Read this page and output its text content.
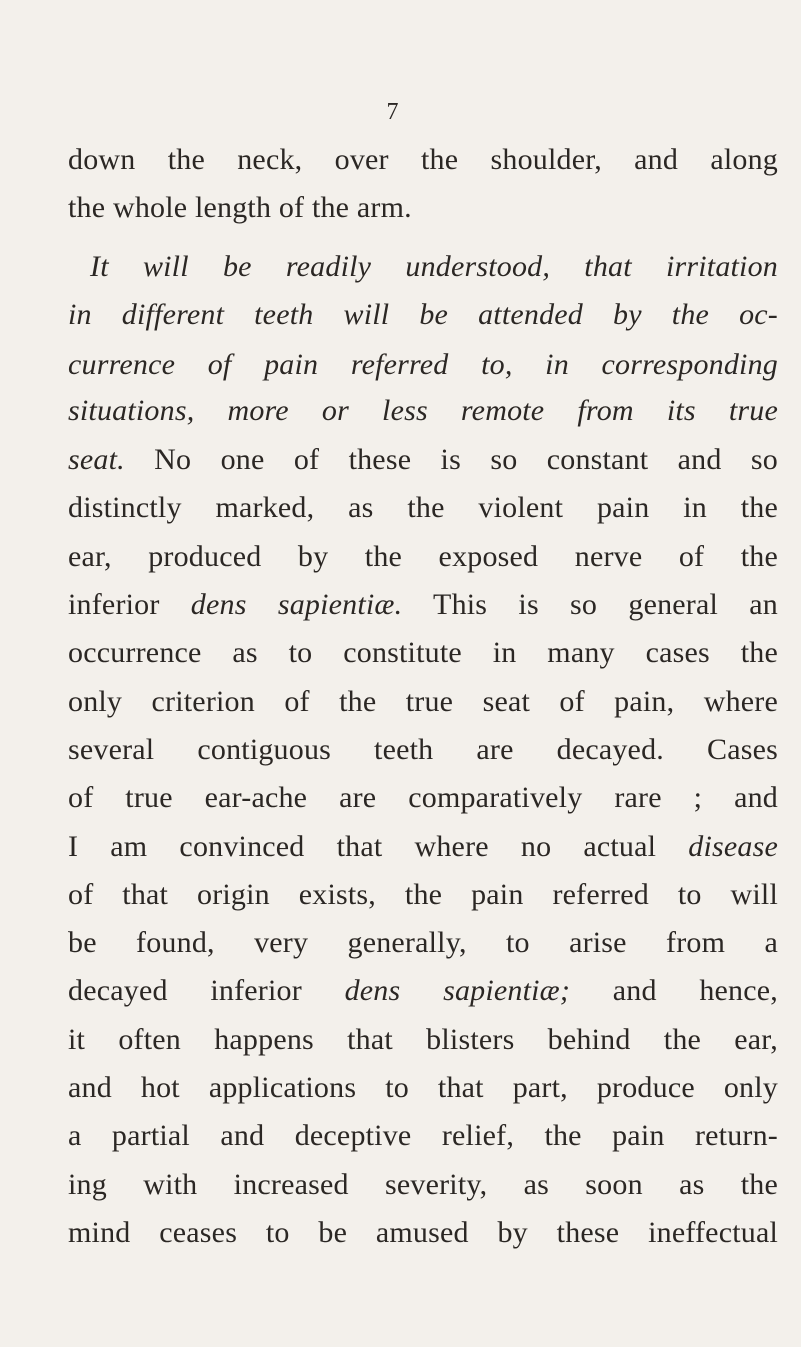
7
down the neck, over the shoulder, and along
the whole length of the arm.
It will be readily understood, that irritation
in different teeth will be attended by the oc-
currence of pain referred to, in corresponding
situations, more or less remote from its true
seat. No one of these is so constant and so
distinctly marked, as the violent pain in the
ear, produced by the exposed nerve of the
inferior dens sapientiæ. This is so general an
occurrence as to constitute in many cases the
only criterion of the true seat of pain, where
several contiguous teeth are decayed. Cases
of true ear-ache are comparatively rare ; and
I am convinced that where no actual disease
of that origin exists, the pain referred to will
be found, very generally, to arise from a
decayed inferior dens sapientiæ; and hence,
it often happens that blisters behind the ear,
and hot applications to that part, produce only
a partial and deceptive relief, the pain return-
ing with increased severity, as soon as the
mind ceases to be amused by these ineffectual
